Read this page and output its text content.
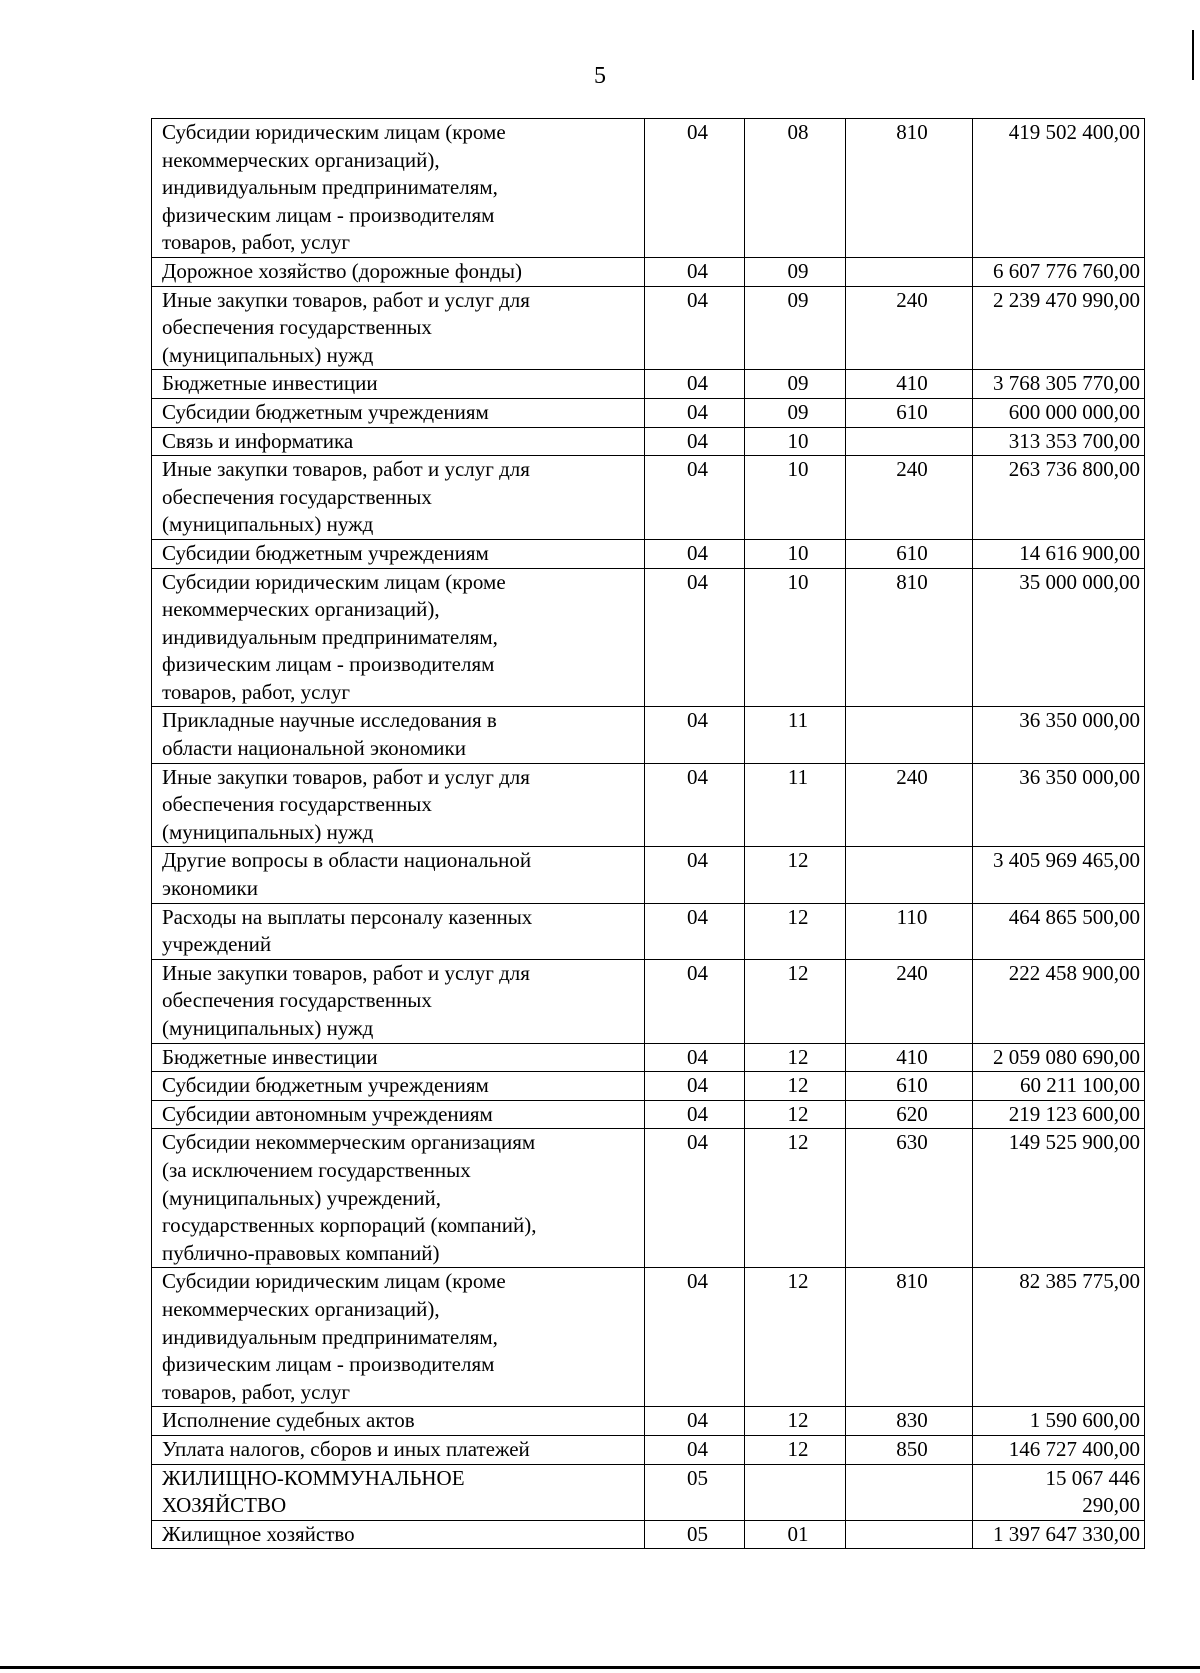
5
Субсидии юридическим лицам (кроме
некоммерческих организаций),
индивидуальным предпринимателям,
физическим лицам - производителям
товаров, работ, услуг	04	08	810	419 502 400,00

Дорожное хозяйство (дорожные фонды)	04	09		6 607 776 760,00

Иные закупки товаров, работ и услуг для
обеспечения государственных
(муниципальных) нужд	04	09	240	2 239 470 990,00

Бюджетные инвестиции	04	09	410	3 768 305 770,00

Субсидии бюджетным учреждениям	04	09	610	600 000 000,00

Связь и информатика	04	10		313 353 700,00

Иные закупки товаров, работ и услуг для
обеспечения государственных
(муниципальных) нужд	04	10	240	263 736 800,00

Субсидии бюджетным учреждениям	04	10	610	14 616 900,00

Субсидии юридическим лицам (кроме
некоммерческих организаций),
индивидуальным предпринимателям,
физическим лицам - производителям
товаров, работ, услуг	04	10	810	35 000 000,00

Прикладные научные исследования в
области национальной экономики	04	11		36 350 000,00

Иные закупки товаров, работ и услуг для
обеспечения государственных
(муниципальных) нужд	04	11	240	36 350 000,00

Другие вопросы в области национальной
экономики	04	12		3 405 969 465,00

Расходы на выплаты персоналу казенных
учреждений	04	12	110	464 865 500,00

Иные закупки товаров, работ и услуг для
обеспечения государственных
(муниципальных) нужд	04	12	240	222 458 900,00

Бюджетные инвестиции	04	12	410	2 059 080 690,00

Субсидии бюджетным учреждениям	04	12	610	60 211 100,00

Субсидии автономным учреждениям	04	12	620	219 123 600,00

Субсидии некоммерческим организациям
(за исключением государственных
(муниципальных) учреждений,
государственных корпораций (компаний),
публично-правовых компаний)	04	12	630	149 525 900,00

Субсидии юридическим лицам (кроме
некоммерческих организаций),
индивидуальным предпринимателям,
физическим лицам - производителям
товаров, работ, услуг	04	12	810	82 385 775,00

Исполнение судебных актов	04	12	830	1 590 600,00

Уплата налогов, сборов и иных платежей	04	12	850	146 727 400,00

ЖИЛИЩНО-КОММУНАЛЬНОЕ
ХОЗЯЙСТВО	05			15 067 446 290,00

Жилищное хозяйство	05	01		1 397 647 330,00
